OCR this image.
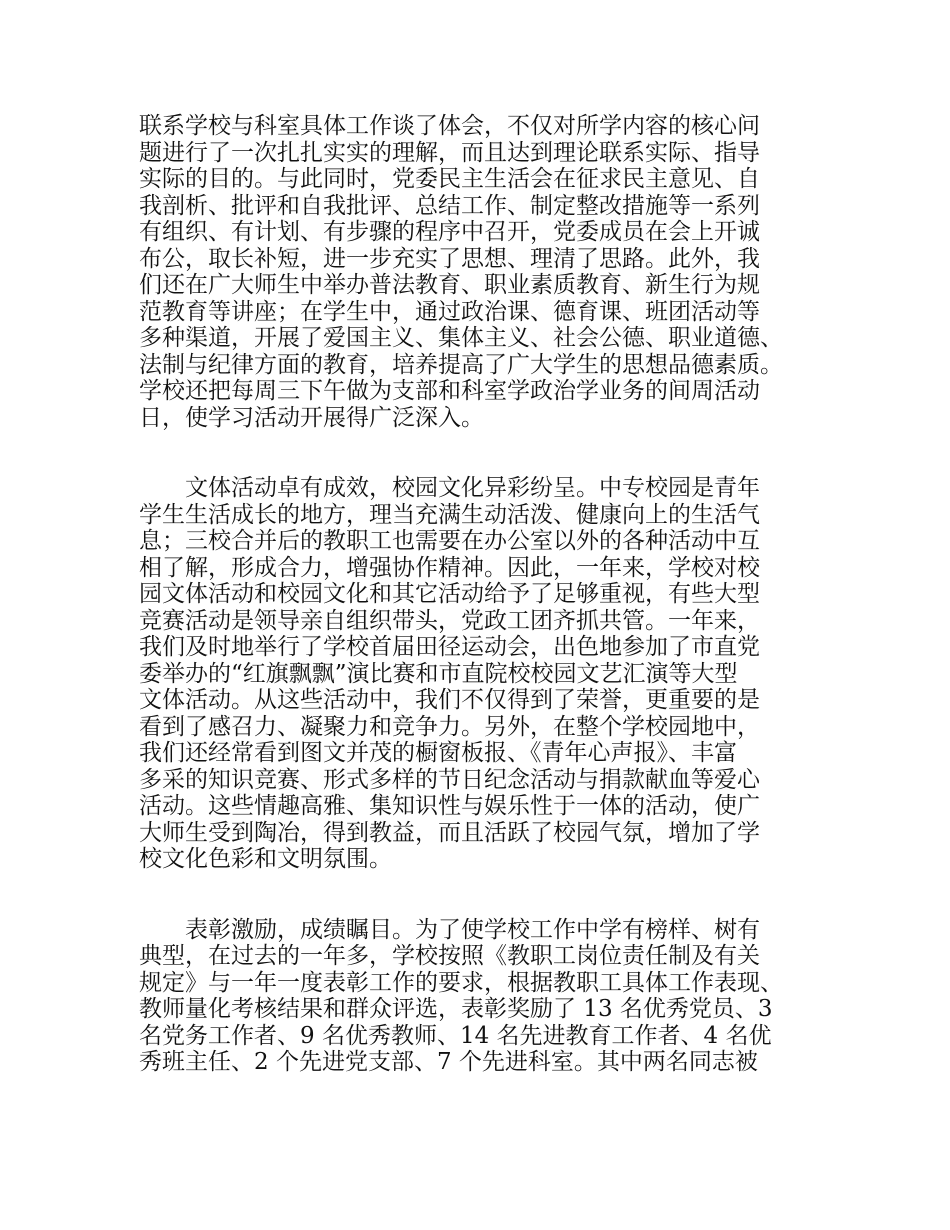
联系学校与科室具体工作谈了体会，不仅对所学内容的核心问
题进行了一次扎扎实实的理解，而且达到理论联系实际、指导
实际的目的。与此同时，党委民主生活会在征求民主意见、自
我剖析、批评和自我批评、总结工作、制定整改措施等一系列
有组织、有计划、有步骤的程序中召开，党委成员在会上开诚
布公，取长补短，进一步充实了思想、理清了思路。此外，我
们还在广大师生中举办普法教育、职业素质教育、新生行为规
范教育等讲座；在学生中，通过政治课、德育课、班团活动等
多种渠道，开展了爱国主义、集体主义、社会公德、职业道德、
法制与纪律方面的教育，培养提高了广大学生的思想品德素质。
学校还把每周三下午做为支部和科室学政治学业务的间周活动
日，使学习活动开展得广泛深入。
　　文体活动卓有成效，校园文化异彩纷呈。中专校园是青年
学生生活成长的地方，理当充满生动活泼、健康向上的生活气
息；三校合并后的教职工也需要在办公室以外的各种活动中互
相了解，形成合力，增强协作精神。因此，一年来，学校对校
园文体活动和校园文化和其它活动给予了足够重视，有些大型
竞赛活动是领导亲自组织带头，党政工团齐抓共管。一年来，
我们及时地举行了学校首届田径运动会，出色地参加了市直党
委举办的“红旗飘飘”演比赛和市直院校校园文艺汇演等大型
文体活动。从这些活动中，我们不仅得到了荣誉，更重要的是
看到了感召力、凝聚力和竞争力。另外，在整个学校园地中，
我们还经常看到图文并茂的橱窗板报、《青年心声报》、丰富
多采的知识竞赛、形式多样的节日纪念活动与捐款献血等爱心
活动。这些情趣高雅、集知识性与娱乐性于一体的活动，使广
大师生受到陶冶，得到教益，而且活跃了校园气氛，增加了学
校文化色彩和文明氛围。
　　表彰激励，成绩瞩目。为了使学校工作中学有榜样、树有
典型，在过去的一年多，学校按照《教职工岗位责任制及有关
规定》与一年一度表彰工作的要求，根据教职工具体工作表现、
教师量化考核结果和群众评选，表彰奖励了 13 名优秀党员、3
名党务工作者、9 名优秀教师、14 名先进教育工作者、4 名优
秀班主任、2 个先进党支部、7 个先进科室。其中两名同志被
